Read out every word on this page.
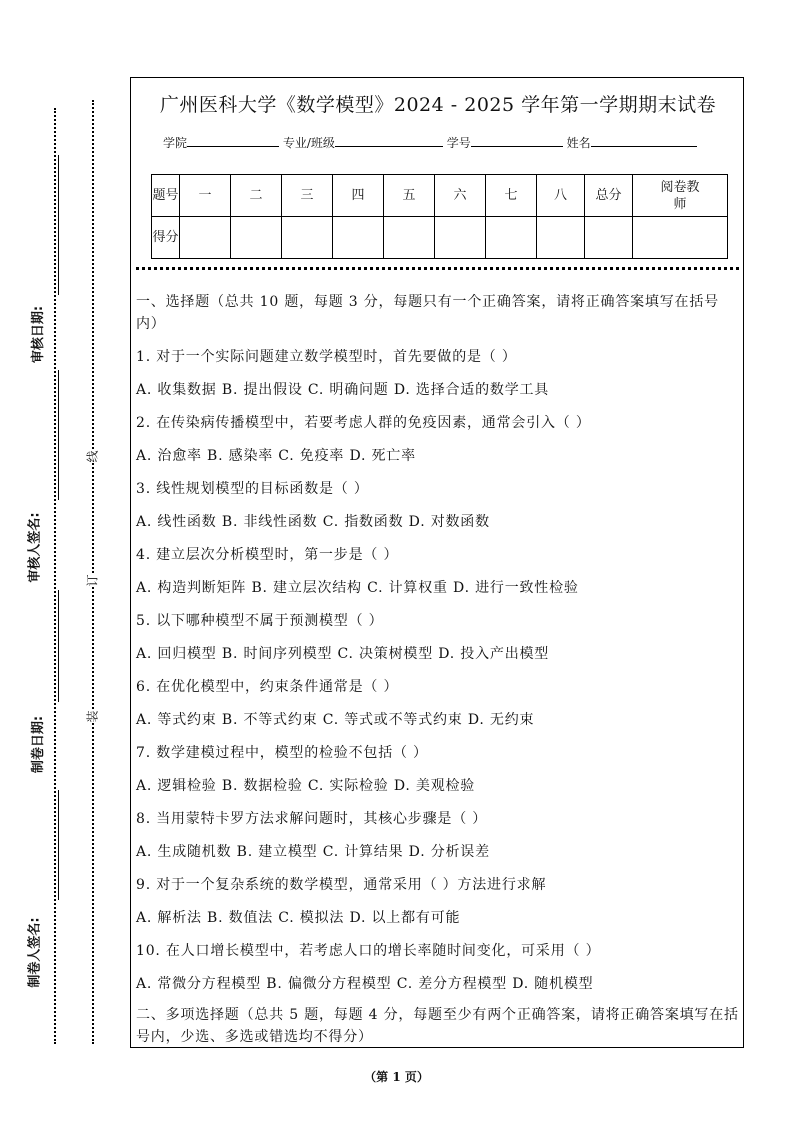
审核日期:
审核人签名:
制卷日期:
制卷人签名:
线
订
装
广州医科大学《数学模型》2024 - 2025 学年第一学期期末试卷
学院	专业/班级	学号	姓名
题号	一	二	三	四	五	六	七	八	总分	阅卷教师

得分										

一、选择题（总共 10 题，每题 3 分，每题只有一个正确答案，请将正确答案填写在括号内）

1. 对于一个实际问题建立数学模型时，首先要做的是（ ）

A. 收集数据 B. 提出假设 C. 明确问题 D. 选择合适的数学工具

2. 在传染病传播模型中，若要考虑人群的免疫因素，通常会引入（ ）

A. 治愈率 B. 感染率 C. 免疫率 D. 死亡率

3. 线性规划模型的目标函数是（ ）

A. 线性函数 B. 非线性函数 C. 指数函数 D. 对数函数

4. 建立层次分析模型时，第一步是（ ）

A. 构造判断矩阵 B. 建立层次结构 C. 计算权重 D. 进行一致性检验

5. 以下哪种模型不属于预测模型（ ）

A. 回归模型 B. 时间序列模型 C. 决策树模型 D. 投入产出模型

6. 在优化模型中，约束条件通常是（ ）

A. 等式约束 B. 不等式约束 C. 等式或不等式约束 D. 无约束

7. 数学建模过程中，模型的检验不包括（ ）

A. 逻辑检验 B. 数据检验 C. 实际检验 D. 美观检验

8. 当用蒙特卡罗方法求解问题时，其核心步骤是（ ）

A. 生成随机数 B. 建立模型 C. 计算结果 D. 分析误差

9. 对于一个复杂系统的数学模型，通常采用（ ）方法进行求解

A. 解析法 B. 数值法 C. 模拟法 D. 以上都有可能

10. 在人口增长模型中，若考虑人口的增长率随时间变化，可采用（ ）

A. 常微分方程模型 B. 偏微分方程模型 C. 差分方程模型 D. 随机模型

二、多项选择题（总共 5 题，每题 4 分，每题至少有两个正确答案，请将正确答案填写在括号内，少选、多选或错选均不得分）

（第 1 页）
